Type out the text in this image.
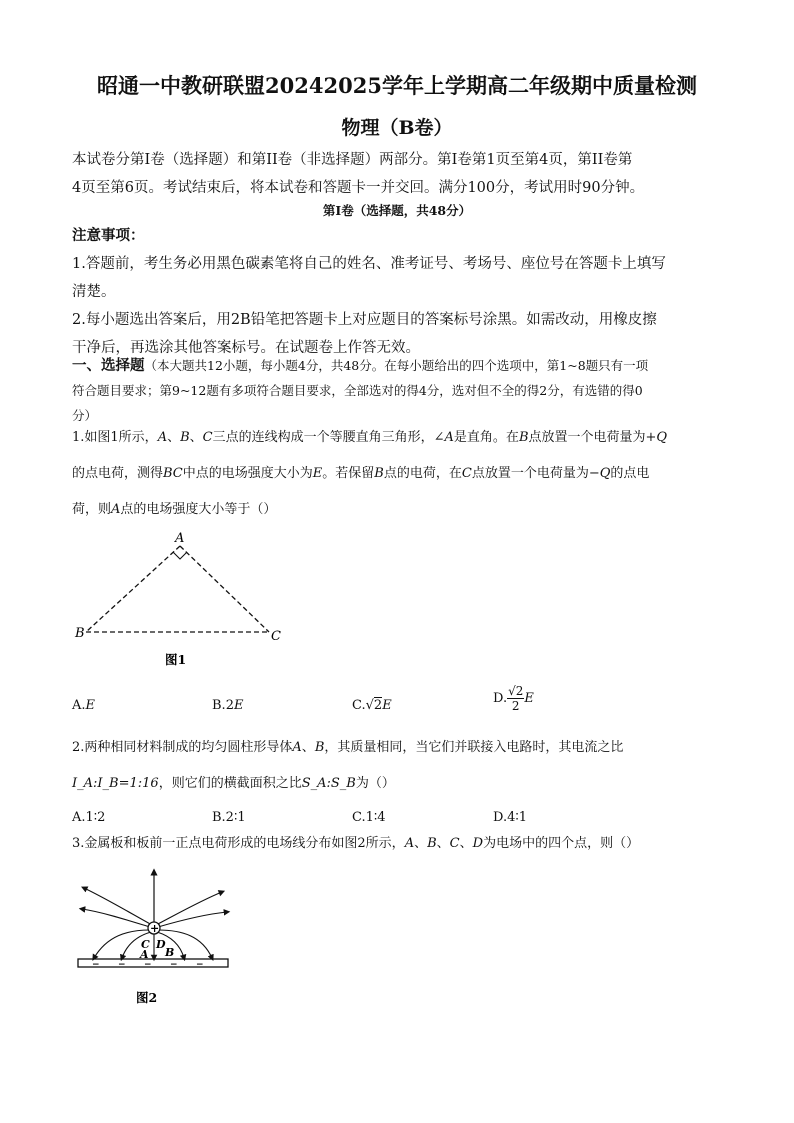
昭通一中教研联盟20242025学年上学期高二年级期中质量检测
物理（B卷）
本试卷分第I卷（选择题）和第II卷（非选择题）两部分。第I卷第1页至第4页，第II卷第
4页至第6页。考试结束后，将本试卷和答题卡一并交回。满分100分，考试用时90分钟。
第I卷（选择题，共48分）
注意事项：
1.答题前，考生务必用黑色碳素笔将自己的姓名、准考证号、考场号、座位号在答题卡上填写
清楚。
2.每小题选出答案后，用2B铅笔把答题卡上对应题目的答案标号涂黑。如需改动，用橡皮擦
干净后，再选涂其他答案标号。在试题卷上作答无效。
一、选择题（本大题共12小题，每小题4分，共48分。在每小题给出的四个选项中，第1~8题只有一项
符合题目要求；第9~12题有多项符合题目要求，全部选对的得4分，选对但不全的得2分，有选错的得0
分）
1.如图1所示，A、B、C三点的连线构成一个等腰直角三角形，∠A是直角。在B点放置一个电荷量为+Q
的点电荷，测得BC中点的电场强度大小为E。若保留B点的电荷，在C点放置一个电荷量为−Q的点电
荷，则A点的电场强度大小等于（）
A
B	C
图1
A.E	B.2E	C.√2E	D. $\frac{√2}{2}$ E
2.两种相同材料制成的均匀圆柱形导体A、B，其质量相同，当它们并联接入电路时，其电流之比
I_A:I_B=1:16，则它们的横截面积之比S_A:S_B为（）
A.1∶2	B.2∶1	C.1∶4	D.4∶1
3.金属板和板前一正点电荷形成的电场线分布如图2所示，A、B、C、D为电场中的四个点，则（）
+
C D
A B
− − − − −
图2
